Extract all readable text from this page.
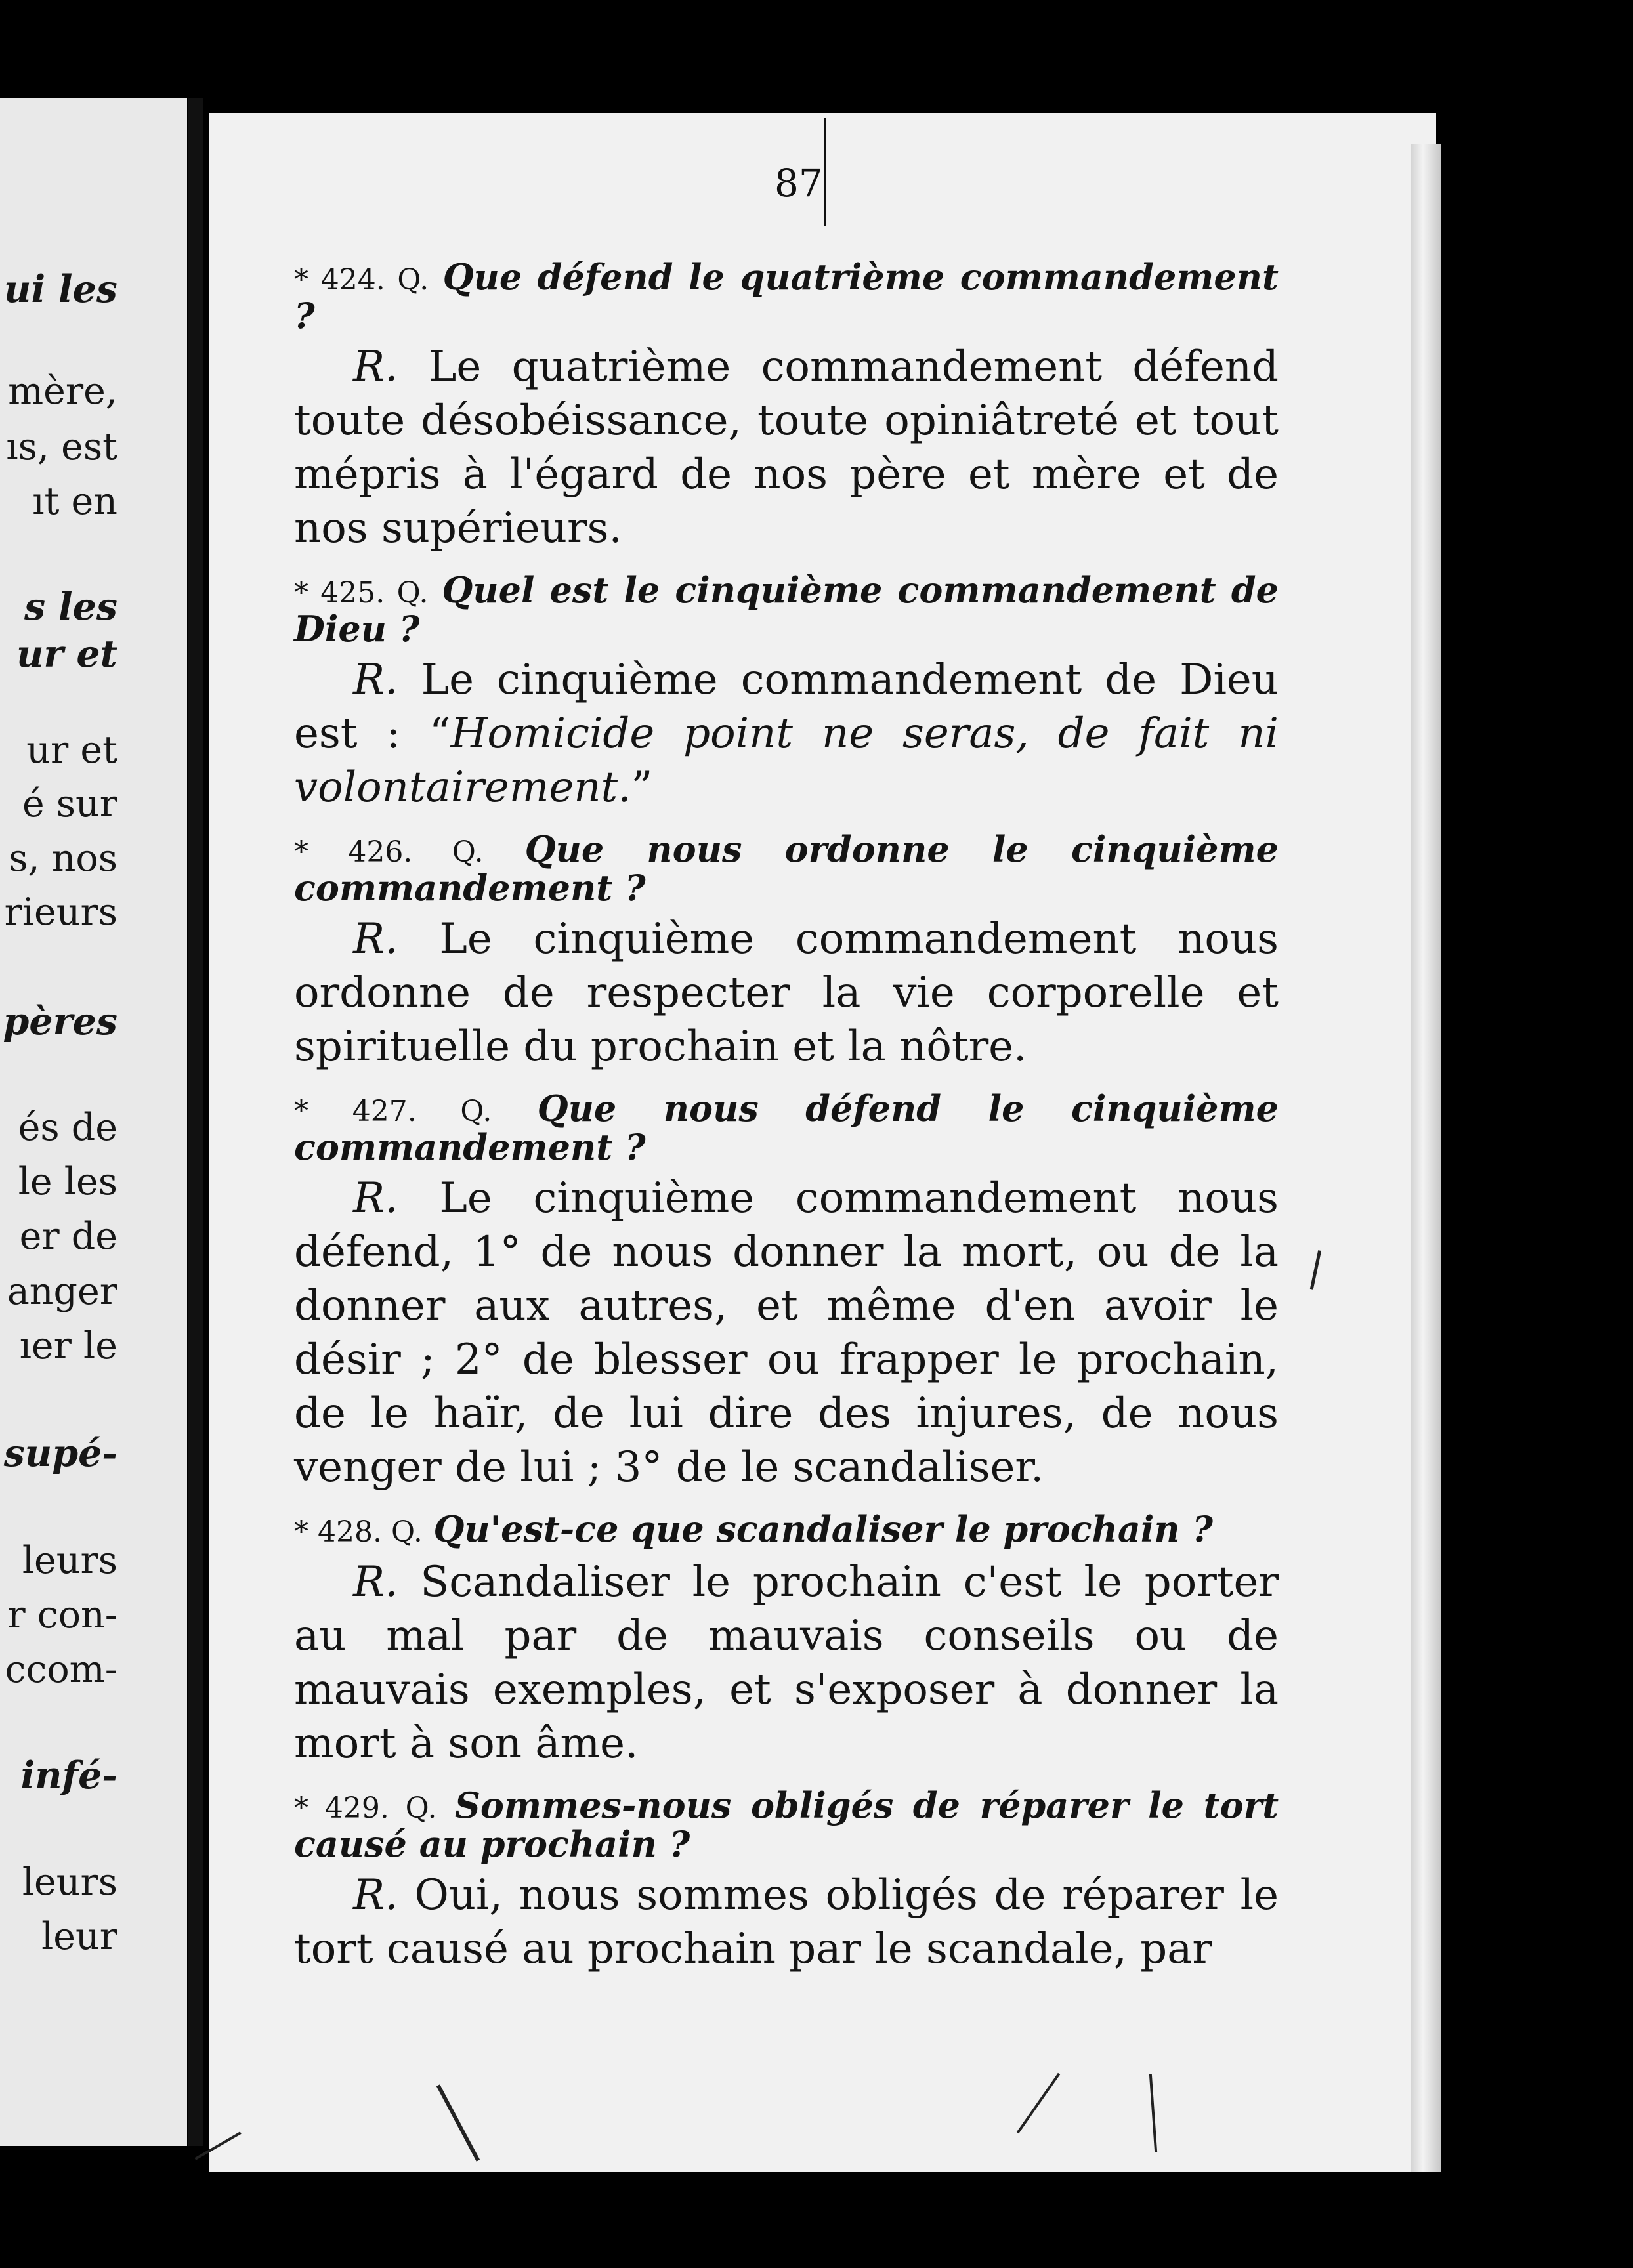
ui les
mère,
ıs, est
ıt en
s les
ur et
ur et
é sur
s, nos
rieurs
pères
és de
le les
er de
anger
ıer le
supé-
leurs
r con-
ccom-
infé-
leurs
leur
87

* 424. Q. Que défend le quatrième commandement ?

R. Le quatrième commandement défend toute désobéissance, toute opiniâtreté et tout mépris à l'égard de nos père et mère et de nos supérieurs.

* 425. Q. Quel est le cinquième commandement de Dieu ?

R. Le cinquième commandement de Dieu est : “Homicide point ne seras, de fait ni volontairement.”

* 426. Q. Que nous ordonne le cinquième commandement ?

R. Le cinquième commandement nous ordonne de respecter la vie corporelle et spirituelle du prochain et la nôtre.

* 427. Q. Que nous défend le cinquième commandement ?

R. Le cinquième commandement nous défend, 1° de nous donner la mort, ou de la donner aux autres, et même d'en avoir le désir ; 2° de blesser ou frapper le prochain, de le haïr, de lui dire des injures, de nous venger de lui ; 3° de le scandaliser.

* 428. Q. Qu'est-ce que scandaliser le prochain ?

R. Scandaliser le prochain c'est le porter au mal par de mauvais conseils ou de mauvais exemples, et s'exposer à donner la mort à son âme.

* 429. Q. Sommes-nous obligés de réparer le tort causé au prochain ?

R. Oui, nous sommes obligés de réparer le tort causé au prochain par le scandale, par
